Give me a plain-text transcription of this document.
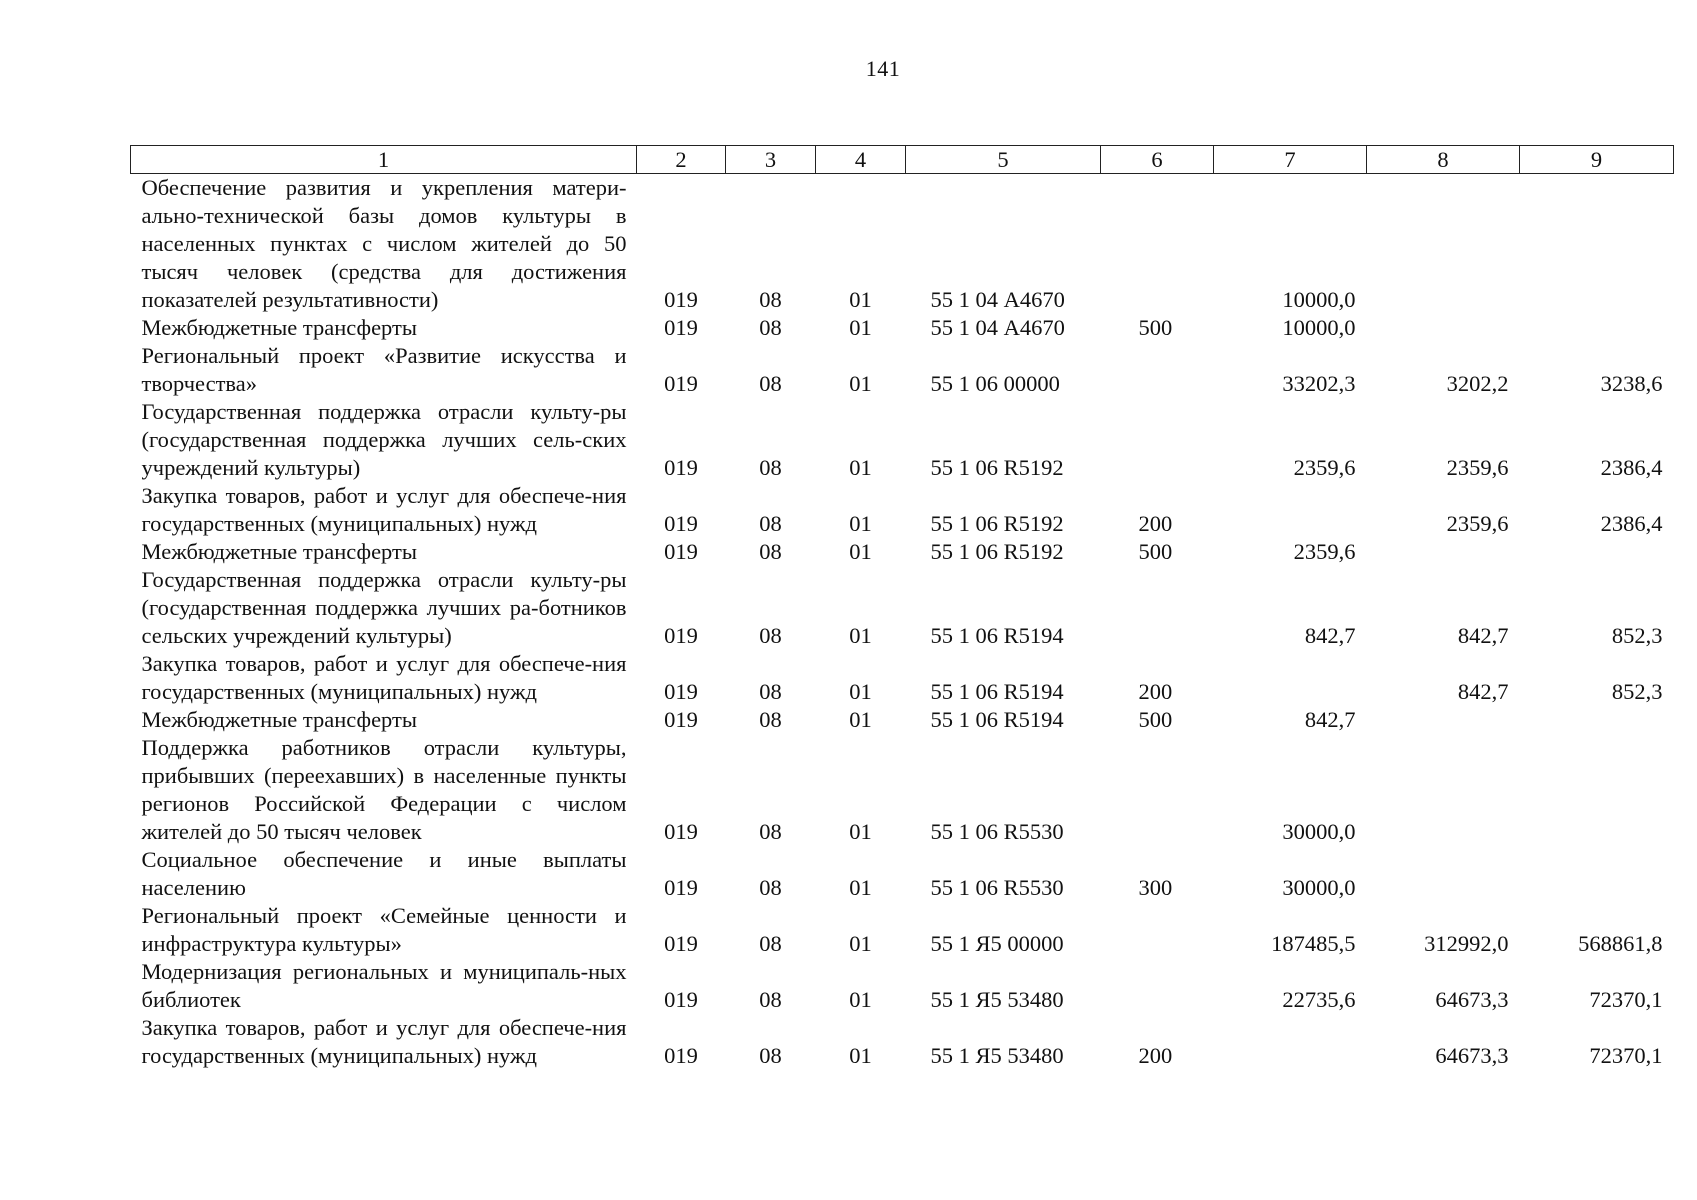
141
1	2	3	4	5	6	7	8	9
Обеспечение развития и укрепления матери-ально-технической базы домов культуры в населенных пунктах с числом жителей до 50 тысяч человек (средства для достижения показателей результативности)	019	08	01	55 1 04 А4670		10000,0		
Межбюджетные трансферты	019	08	01	55 1 04 А4670	500	10000,0		
Региональный проект «Развитие искусства и творчества»	019	08	01	55 1 06 00000		33202,3	3202,2	3238,6
Государственная поддержка отрасли культу-ры (государственная поддержка лучших сель-ских учреждений культуры)	019	08	01	55 1 06 R5192		2359,6	2359,6	2386,4
Закупка товаров, работ и услуг для обеспече-ния государственных (муниципальных) нужд	019	08	01	55 1 06 R5192	200		2359,6	2386,4
Межбюджетные трансферты	019	08	01	55 1 06 R5192	500	2359,6		
Государственная поддержка отрасли культу-ры (государственная поддержка лучших ра-ботников сельских учреждений культуры)	019	08	01	55 1 06 R5194		842,7	842,7	852,3
Закупка товаров, работ и услуг для обеспече-ния государственных (муниципальных) нужд	019	08	01	55 1 06 R5194	200		842,7	852,3
Межбюджетные трансферты	019	08	01	55 1 06 R5194	500	842,7		
Поддержка работников отрасли культуры, прибывших (переехавших) в населенные пункты регионов Российской Федерации с числом жителей до 50 тысяч человек	019	08	01	55 1 06 R5530		30000,0		
Социальное обеспечение и иные выплаты населению	019	08	01	55 1 06 R5530	300	30000,0		
Региональный проект «Семейные ценности и инфраструктура культуры»	019	08	01	55 1 Я5 00000		187485,5	312992,0	568861,8
Модернизация региональных и муниципаль-ных библиотек	019	08	01	55 1 Я5 53480		22735,6	64673,3	72370,1
Закупка товаров, работ и услуг для обеспече-ния государственных (муниципальных) нужд	019	08	01	55 1 Я5 53480	200		64673,3	72370,1
